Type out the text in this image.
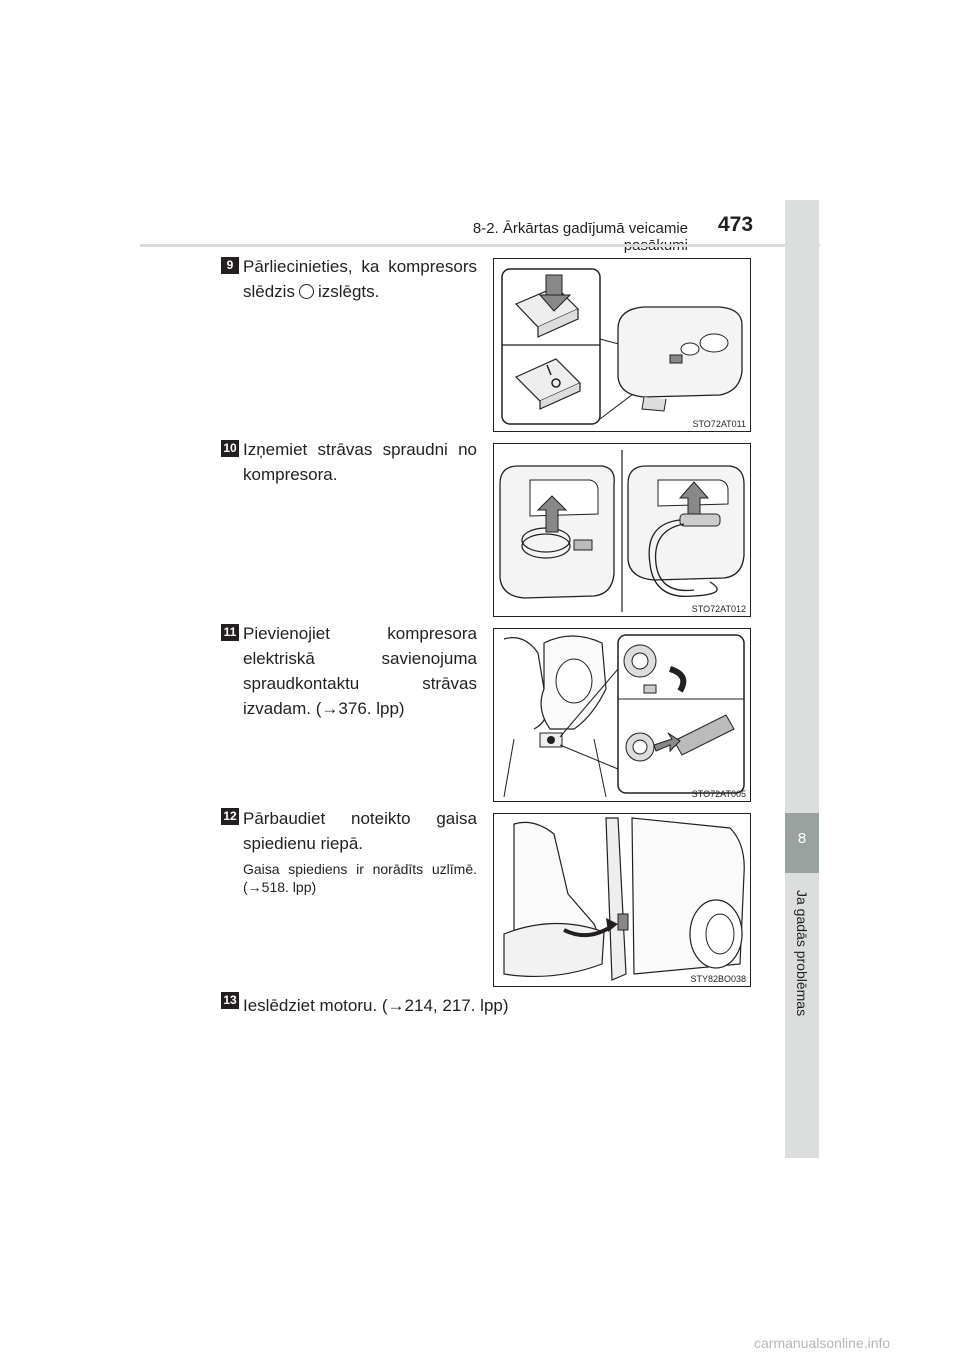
8-2. Ārkārtas gadījumā veicamie 473
8
Ja gadās problēmas
9 Pārliecinieties, ka kompresors slēdzis izslēgts.
STO72AT011
10 Izņemiet strāvas spraudni no kompresora.
STO72AT012
11 Pievienojiet kompresora elektriskā savienojuma spraudkontaktu strāvas izvadam. (→376. lpp)
STO72AT005
12 Pārbaudiet noteikto gaisa spiedienu riepā.
Gaisa spiediens ir norādīts uzlīmē. (→518. lpp)
STY82BO038
13 Ieslēdziet motoru. (→214, 217. lpp)
carmanualsonline.info
